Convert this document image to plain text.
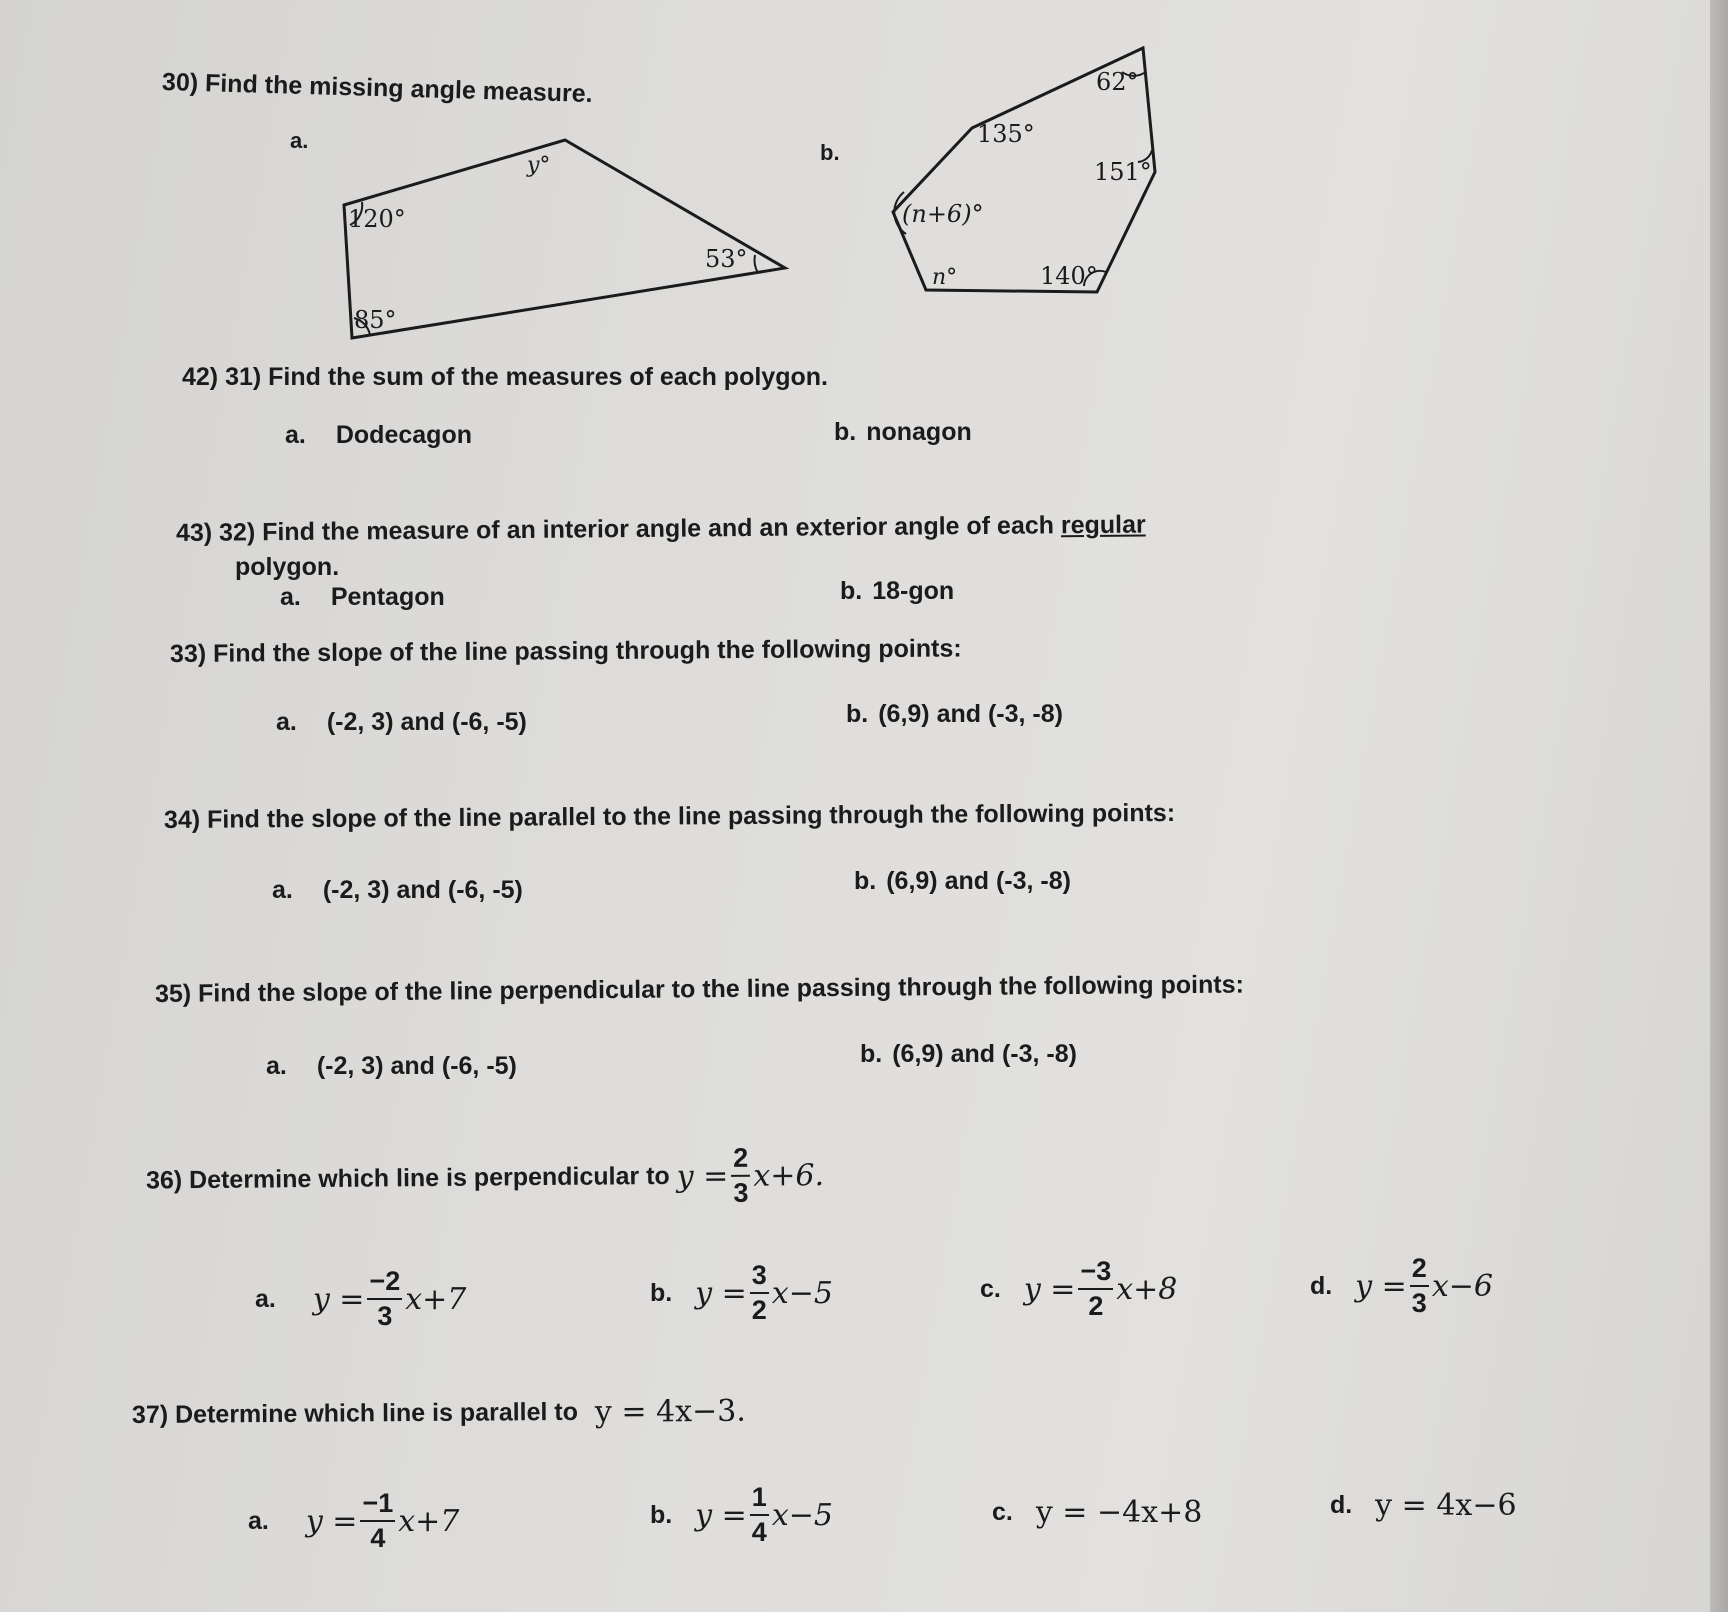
30) Find the missing angle measure.
a.	b.
y°
120°
85°
53°
62°
135°
151°
(n+6)°
n°	140°
42) 31) Find the sum of the measures of each polygon.
a. Dodecagon	b. nonagon
43) 32) Find the measure of an interior angle and an exterior angle of each regular
polygon.
a. Pentagon	b. 18-gon
33) Find the slope of the line passing through the following points:
a. (-2, 3) and (-6, -5)	b. (6,9) and (-3, -8)
34) Find the slope of the line parallel to the line passing through the following points:
a. (-2, 3) and (-6, -5)	b. (6,9) and (-3, -8)
35) Find the slope of the line perpendicular to the line passing through the following points:
a. (-2, 3) and (-6, -5)	b. (6,9) and (-3, -8)
36) Determine which line is perpendicular to $y = \frac{2}{3} x+6$.
a. $y = \frac{-2}{3} x+7$	b. $y = \frac{3}{2} x-5$	c. $y = \frac{-3}{2} x+8$	d. $y = \frac{2}{3} x-6$
37) Determine which line is parallel to y = 4x−3.
a. $y = \frac{-1}{4} x+7$	b. $y = \frac{1}{4} x-5$	c. y = −4x+8	d. y = 4x−6
